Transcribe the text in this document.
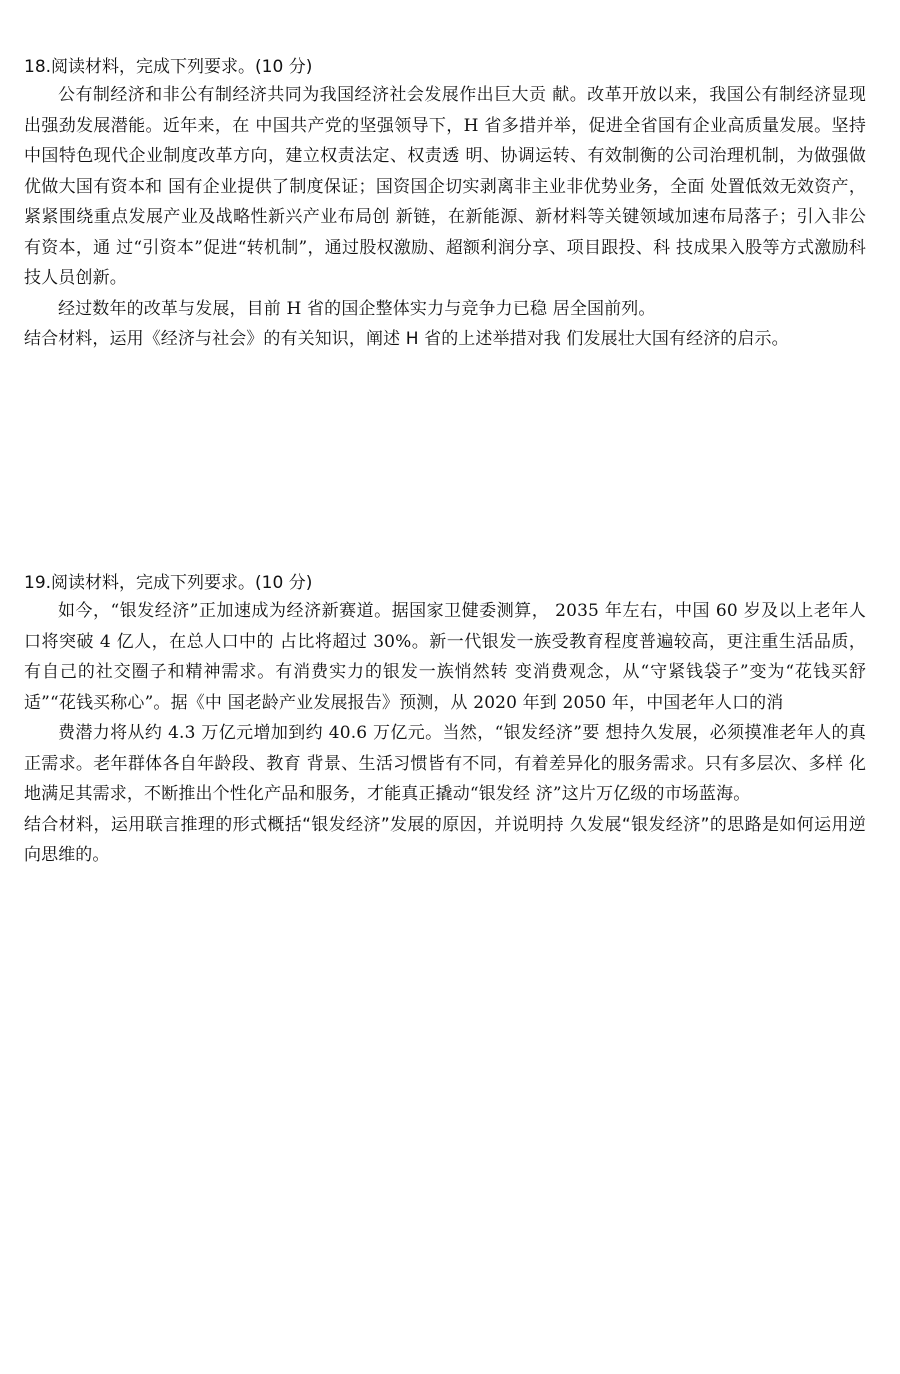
18.阅读材料，完成下列要求。(10 分)

公有制经济和非公有制经济共同为我国经济社会发展作出巨大贡 献。改革开放以来，我国公有制经济显现出强劲发展潜能。近年来，在 中国共产党的坚强领导下，H 省多措并举，促进全省国有企业高质量发展。坚持中国特色现代企业制度改革方向，建立权责法定、权责透 明、协调运转、有效制衡的公司治理机制，为做强做优做大国有资本和 国有企业提供了制度保证；国资国企切实剥离非主业非优势业务，全面 处置低效无效资产，紧紧围绕重点发展产业及战略性新兴产业布局创 新链，在新能源、新材料等关键领域加速布局落子；引入非公有资本，通 过“引资本”促进“转机制”，通过股权激励、超额利润分享、项目跟投、科 技成果入股等方式激励科技人员创新。

经过数年的改革与发展，目前 H 省的国企整体实力与竞争力已稳 居全国前列。

结合材料，运用《经济与社会》的有关知识，阐述 H 省的上述举措对我 们发展壮大国有经济的启示。

19.阅读材料，完成下列要求。(10 分)

如今，“银发经济”正加速成为经济新赛道。据国家卫健委测算， 2035 年左右，中国 60 岁及以上老年人口将突破 4 亿人，在总人口中的 占比将超过 30%。新一代银发一族受教育程度普遍较高，更注重生活品质，有自己的社交圈子和精神需求。有消费实力的银发一族悄然转 变消费观念，从“守紧钱袋子”变为“花钱买舒适”“花钱买称心”。据《中 国老龄产业发展报告》预测，从 2020 年到 2050 年，中国老年人口的消

费潜力将从约 4.3 万亿元增加到约 40.6 万亿元。当然，“银发经济”要 想持久发展，必须摸准老年人的真正需求。老年群体各自年龄段、教育 背景、生活习惯皆有不同，有着差异化的服务需求。只有多层次、多样 化地满足其需求，不断推出个性化产品和服务，才能真正撬动“银发经 济”这片万亿级的市场蓝海。

结合材料，运用联言推理的形式概括“银发经济”发展的原因，并说明持 久发展“银发经济”的思路是如何运用逆向思维的。
